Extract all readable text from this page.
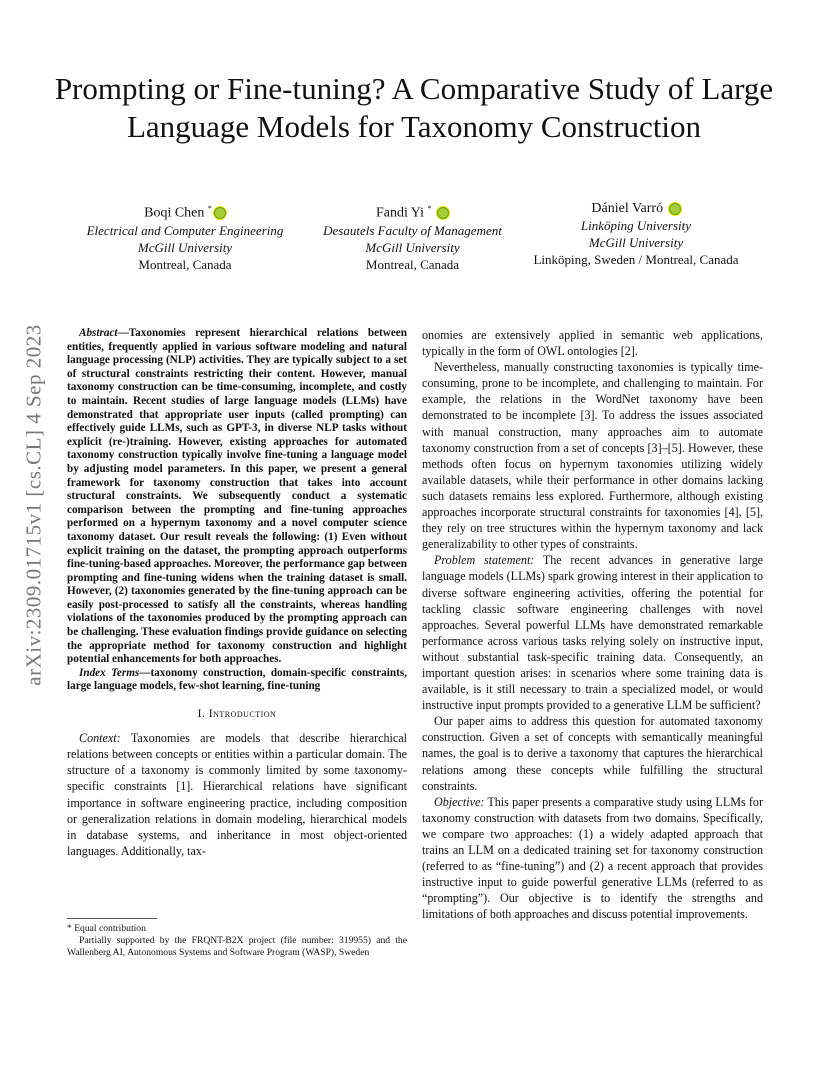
Prompting or Fine-tuning? A Comparative Study of Large Language Models for Taxonomy Construction
Boqi Chen *
Electrical and Computer Engineering
McGill University
Montreal, Canada
Fandi Yi *
Desautels Faculty of Management
McGill University
Montreal, Canada
Dániel Varró
Linköping University
McGill University
Linköping, Sweden / Montreal, Canada
arXiv:2309.01715v1 [cs.CL] 4 Sep 2023	Abstract—Taxonomies represent hierarchical relations between entities, frequently applied in various software modeling and natural language processing (NLP) activities. They are typically subject to a set of structural constraints restricting their content. However, manual taxonomy construction can be time-consuming, incomplete, and costly to maintain. Recent studies of large language models (LLMs) have demonstrated that appropriate user inputs (called prompting) can effectively guide LLMs, such as GPT-3, in diverse NLP tasks without explicit (re-)training. However, existing approaches for automated taxonomy construction typically involve fine-tuning a language model by adjusting model parameters. In this paper, we present a general framework for taxonomy construction that takes into account structural constraints. We subsequently conduct a systematic comparison between the prompting and fine-tuning approaches performed on a hypernym taxonomy and a novel computer science taxonomy dataset. Our result reveals the following: (1) Even without explicit training on the dataset, the prompting approach outperforms fine-tuning-based approaches. Moreover, the performance gap between prompting and fine-tuning widens when the training dataset is small. However, (2) taxonomies generated by the fine-tuning approach can be easily post-processed to satisfy all the constraints, whereas handling violations of the taxonomies produced by the prompting approach can be challenging. These evaluation findings provide guidance on selecting the appropriate method for taxonomy construction and highlight potential enhancements for both approaches.

Index Terms—taxonomy construction, domain-specific constraints, large language models, few-shot learning, fine-tuning

I. Introduction

Context: Taxonomies are models that describe hierarchical relations between concepts or entities within a particular domain. The structure of a taxonomy is commonly limited by some taxonomy-specific constraints [1]. Hierarchical relations have significant importance in software engineering practice, including composition or generalization relations in domain modeling, hierarchical models in database systems, and inheritance in most object-oriented languages. Additionally, tax-

* Equal contribution
Partially supported by the FRQNT-B2X project (file number: 319955) and the Wallenberg AI, Autonomous Systems and Software Program (WASP), Sweden

onomies are extensively applied in semantic web applications, typically in the form of OWL ontologies [2].

Nevertheless, manually constructing taxonomies is typically time-consuming, prone to be incomplete, and challenging to maintain. For example, the relations in the WordNet taxonomy have been demonstrated to be incomplete [3]. To address the issues associated with manual construction, many approaches aim to automate taxonomy construction from a set of concepts [3]–[5]. However, these methods often focus on hypernym taxonomies utilizing widely available datasets, while their performance in other domains lacking such datasets remains less explored. Furthermore, although existing approaches incorporate structural constraints for taxonomies [4], [5], they rely on tree structures within the hypernym taxonomy and lack generalizability to other types of constraints.

Problem statement: The recent advances in generative large language models (LLMs) spark growing interest in their application to diverse software engineering activities, offering the potential for tackling classic software engineering challenges with novel approaches. Several powerful LLMs have demonstrated remarkable performance across various tasks relying solely on instructive input, without substantial task-specific training data. Consequently, an important question arises: in scenarios where some training data is available, is it still necessary to train a specialized model, or would instructive input prompts provided to a generative LLM be sufficient?

Our paper aims to address this question for automated taxonomy construction. Given a set of concepts with semantically meaningful names, the goal is to derive a taxonomy that captures the hierarchical relations among these concepts while fulfilling the structural constraints.

Objective: This paper presents a comparative study using LLMs for taxonomy construction with datasets from two domains. Specifically, we compare two approaches: (1) a widely adapted approach that trains an LLM on a dedicated training set for taxonomy construction (referred to as “fine-tuning”) and (2) a recent approach that provides instructive input to guide powerful generative LLMs (referred to as “prompting”). Our objective is to identify the strengths and limitations of both approaches and discuss potential improvements.
